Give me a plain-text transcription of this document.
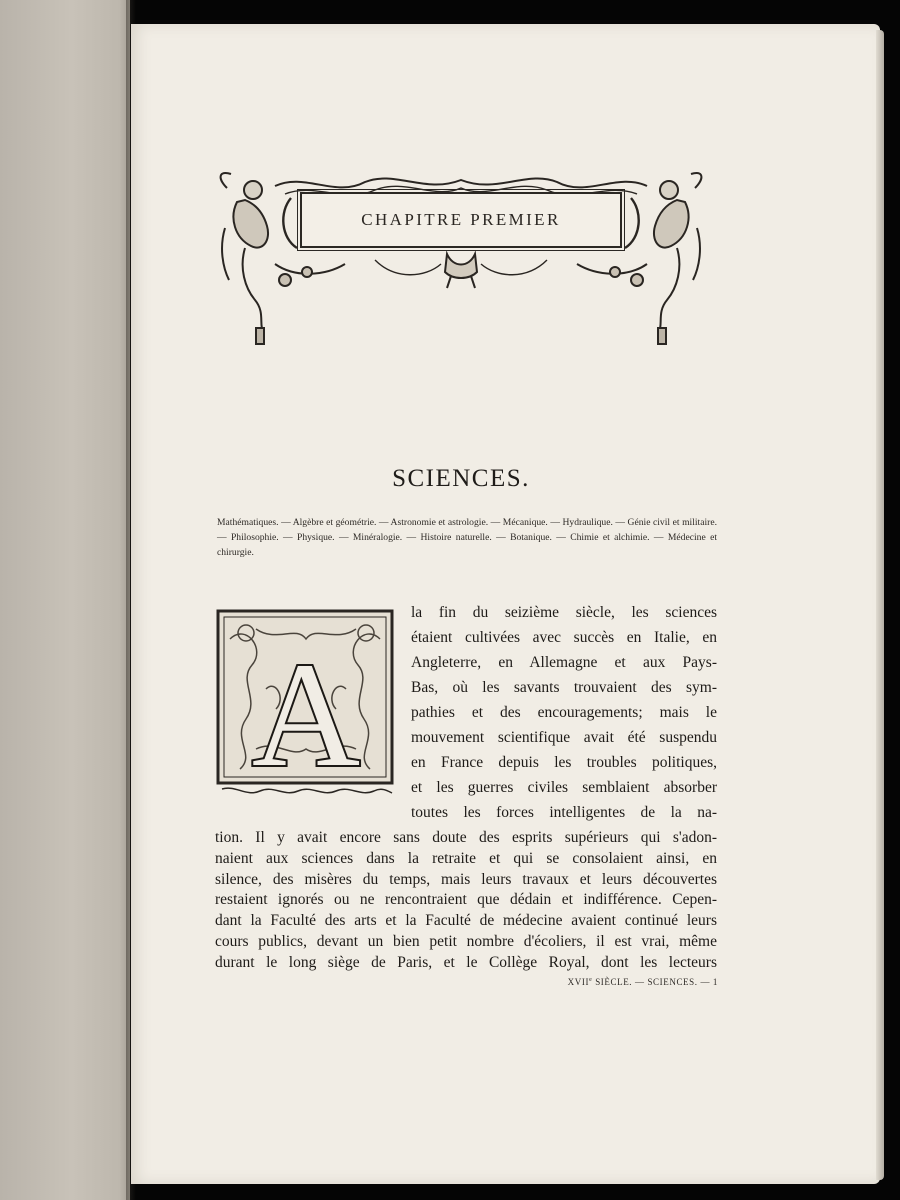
CHAPITRE PREMIER
SCIENCES.
Mathématiques. — Algèbre et géométrie. — Astronomie et astrologie. — Mécanique. — Hydraulique. — Génie civil et militaire. — Philosophie. — Physique. — Minéralogie. — Histoire naturelle. — Botanique. — Chimie et alchimie. — Médecine et chirurgie.
A
la fin du seizième siècle, les sciences
étaient cultivées avec succès en Italie, en
Angleterre, en Allemagne et aux Pays-
Bas, où les savants trouvaient des sym-
pathies et des encouragements; mais le
mouvement scientifique avait été suspendu
en France depuis les troubles politiques,
et les guerres civiles semblaient absorber
toutes les forces intelligentes de la na-
tion. Il y avait encore sans doute des esprits supérieurs qui s'adon-
naient aux sciences dans la retraite et qui se consolaient ainsi, en
silence, des misères du temps, mais leurs travaux et leurs découvertes
restaient ignorés ou ne rencontraient que dédain et indifférence. Cepen-
dant la Faculté des arts et la Faculté de médecine avaient continué leurs
cours publics, devant un bien petit nombre d'écoliers, il est vrai, même
durant le long siège de Paris, et le Collège Royal, dont les lecteurs
XVIIe SIÈCLE. — SCIENCES. — 1
